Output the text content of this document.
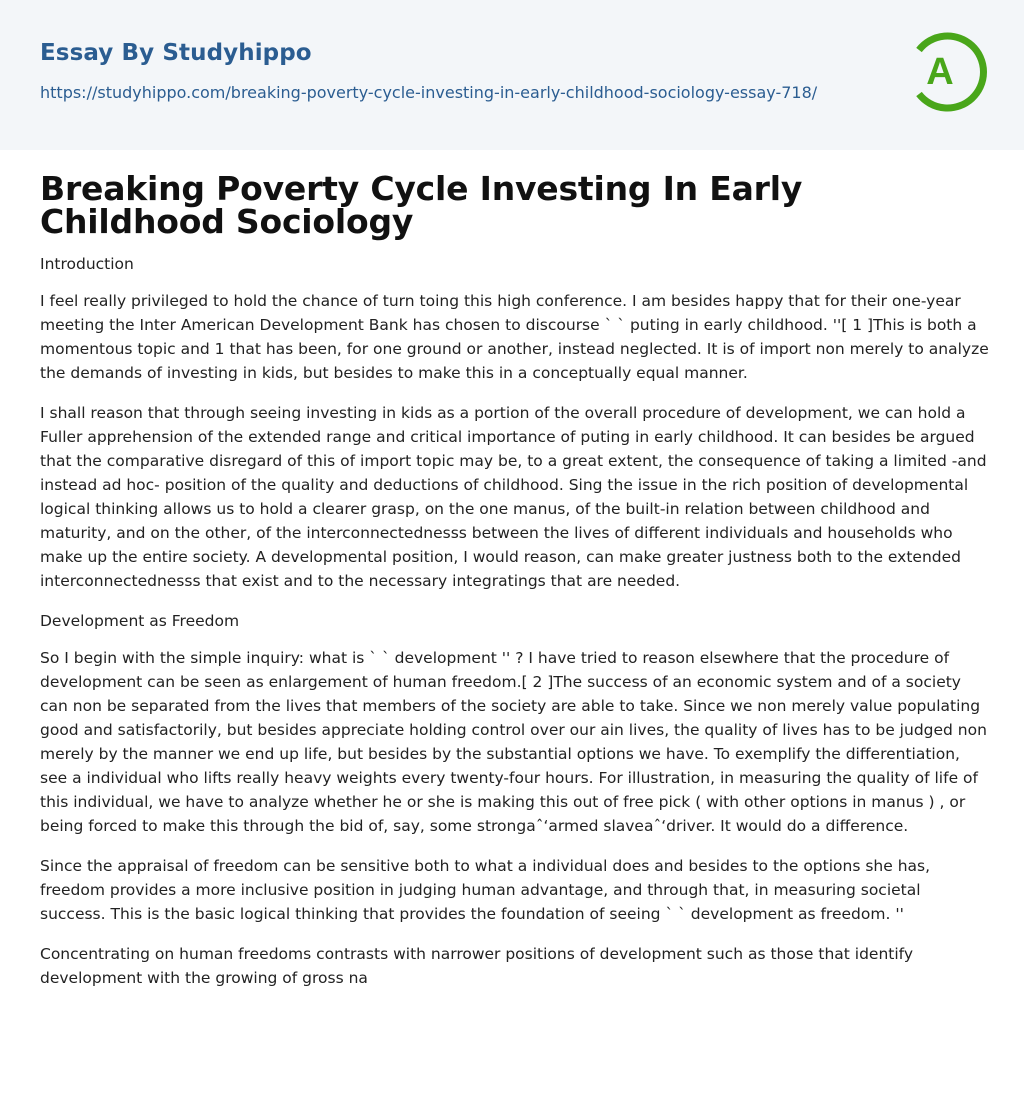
Essay By Studyhippo
https://studyhippo.com/breaking-poverty-cycle-investing-in-early-childhood-sociology-essay-718/	A
Breaking Poverty Cycle Investing In Early Childhood Sociology
Introduction

I feel really privileged to hold the chance of turn toing this high conference. I am besides happy that for their one-year meeting the Inter American Development Bank has chosen to discourse ` ` puting in early childhood. ''[ 1 ]This is both a momentous topic and 1 that has been, for one ground or another, instead neglected. It is of import non merely to analyze the demands of investing in kids, but besides to make this in a conceptually equal manner.

I shall reason that through seeing investing in kids as a portion of the overall procedure of development, we can hold a Fuller apprehension of the extended range and critical importance of puting in early childhood. It can besides be argued that the comparative disregard of this of import topic may be, to a great extent, the consequence of taking a limited -and instead ad hoc- position of the quality and deductions of childhood. Sing the issue in the rich position of developmental logical thinking allows us to hold a clearer grasp, on the one manus, of the built-in relation between childhood and maturity, and on the other, of the interconnectednesss between the lives of different individuals and households who make up the entire society. A developmental position, I would reason, can make greater justness both to the extended interconnectednesss that exist and to the necessary integratings that are needed.

Development as Freedom

So I begin with the simple inquiry: what is ` ` development '' ? I have tried to reason elsewhere that the procedure of development can be seen as enlargement of human freedom.[ 2 ]The success of an economic system and of a society can non be separated from the lives that members of the society are able to take. Since we non merely value populating good and satisfactorily, but besides appreciate holding control over our ain lives, the quality of lives has to be judged non merely by the manner we end up life, but besides by the substantial options we have. To exemplify the differentiation, see a individual who lifts really heavy weights every twenty-four hours. For illustration, in measuring the quality of life of this individual, we have to analyze whether he or she is making this out of free pick ( with other options in manus ) , or being forced to make this through the bid of, say, some strongaˆ‘armed slaveaˆ‘driver. It would do a difference.

Since the appraisal of freedom can be sensitive both to what a individual does and besides to the options she has, freedom provides a more inclusive position in judging human advantage, and through that, in measuring societal success. This is the basic logical thinking that provides the foundation of seeing ` ` development as freedom. ''

Concentrating on human freedoms contrasts with narrower positions of development such as those that identify development with the growing of gross na
